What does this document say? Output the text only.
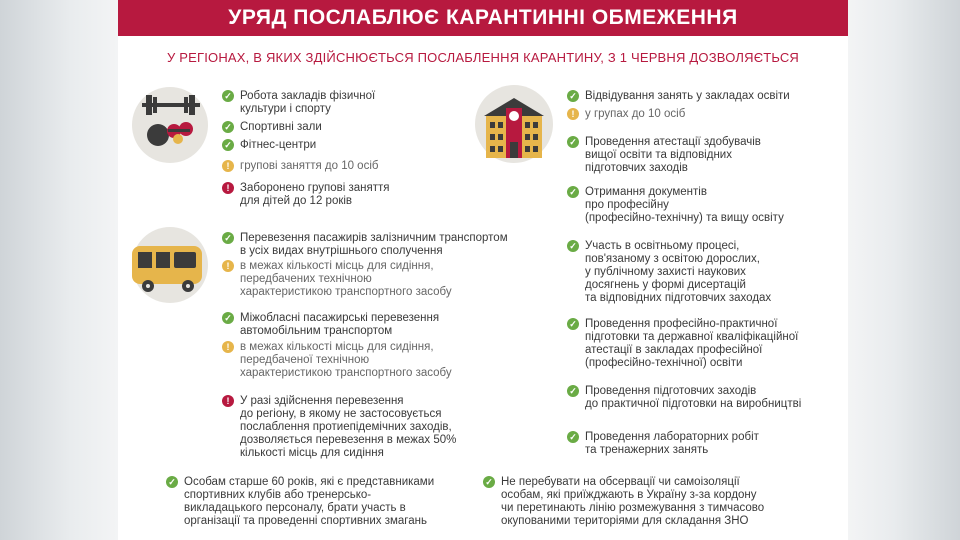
УРЯД ПОСЛАБЛЮЄ КАРАНТИННІ ОБМЕЖЕННЯ
У РЕГІОНАХ, В ЯКИХ ЗДІЙСНЮЄТЬСЯ ПОСЛАБЛЕННЯ КАРАНТИНУ, З 1 ЧЕРВНЯ ДОЗВОЛЯЄТЬСЯ
✓ Робота закладів фізичної
культури і спорту
✓ Спортивні зали
✓ Фітнес-центри
! групові заняття до 10 осіб
! Заборонено групові заняття
для дітей до 12 років
✓ Перевезення пасажирів залізничним транспортом
в усіх видах внутрішнього сполучення
! в межах кількості місць для сидіння,
передбачених технічною
характеристикою транспортного засобу
✓ Міжобласні пасажирські перевезення
автомобільним транспортом
! в межах кількості місць для сидіння,
передбаченої технічною
характеристикою транспортного засобу
! У разі здійснення перевезення
до регіону, в якому не застосовується
послаблення протиепідемічних заходів,
дозволяється перевезення в межах 50%
кількості місць для сидіння
✓ Особам старше 60 років, які є представниками
спортивних клубів або тренерсько-
викладацького персоналу, брати участь в
організації та проведенні спортивних змагань
✓ Відвідування занять у закладах освіти
! у групах до 10 осіб
✓ Проведення атестації здобувачів
вищої освіти та відповідних
підготовчих заходів
✓ Отримання документів
про професійну
(професійно-технічну) та вищу освіту
✓ Участь в освітньому процесі,
пов'язаному з освітою дорослих,
у публічному захисті наукових
досягнень у формі дисертацій
та відповідних підготовчих заходах
✓ Проведення професійно-практичної
підготовки та державної кваліфікаційної
атестації в закладах професійної
(професійно-технічної) освіти
✓ Проведення підготовчих заходів
до практичної підготовки на виробництві
✓ Проведення лабораторних робіт
та тренажерних занять
✓ Не перебувати на обсервації чи самоізоляції
особам, які приїжджають в Україну з-за кордону
чи перетинають лінію розмежування з тимчасово
окупованими територіями для складання ЗНО
